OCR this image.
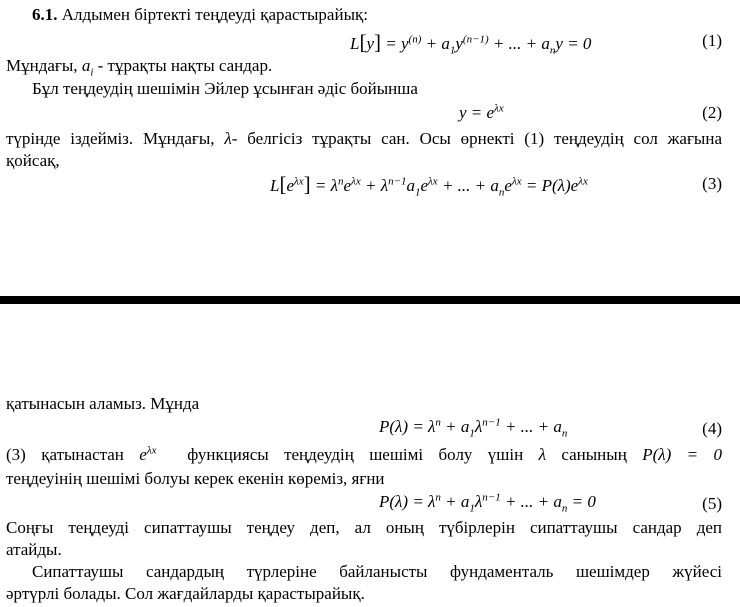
6.1. Алдымен біртекті теңдеуді қарастырайық:
$L[y] = y^{(n)} + a_1y^{(n-1)}$ + ... + $a_ny = 0$	(1)
Мұндағы, $a_i$ - тұрақты нақты сандар.
Бұл теңдеудің шешімін Эйлер ұсынған әдіс бойынша
$y = e^{\lambda x}$	(2)
түрінде іздейміз. Мұндағы, λ- белгісіз тұрақты сан. Осы өрнекті (1) теңдеудің сол жағына
қойсақ,
$L[e^{\lambda x}] = \lambda^ne^{\lambda x} + \lambda^{n-1}a_1e^{\lambda x}$ + ... + $a_ne^{\lambda x} = P(\lambda)e^{\lambda x}$	(3)
қатынасын аламыз. Мұнда
$P(\lambda) = \lambda^n + a_1\lambda^{n-1}$ + ... + $a_n$	(4)
(3) қатынастан $e^{\lambda x}$ функциясы теңдеудің шешімі болу үшін λ санының P(λ) = 0
теңдеуінің шешімі болуы керек екенін көреміз, яғни
$P(\lambda) = \lambda^n + a_1\lambda^{n-1}$ + ... + $a_n = 0$	(5)
Соңғы теңдеуді сипаттаушы теңдеу деп, ал оның түбірлерін сипаттаушы сандар деп
атайды.
Сипаттаушы сандардың түрлеріне байланысты фундаменталь шешімдер жүйесі
әртүрлі болады. Сол жағдайларды қарастырайық.
